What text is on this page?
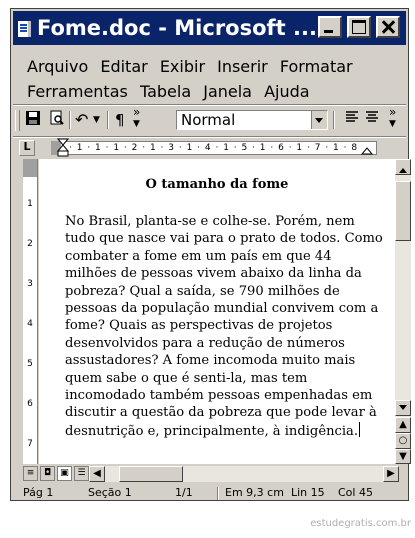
Fome.doc - Microsoft ...
Arquivo Editar Exibir Inserir Formatar
Ferramentas Tabela Janela Ajuda
↶ ▼ ¶ »
▼	Normal	»
▼
L	· 1 · 1 · 1 · 2 · 1 · 3 · 1 · 4 · 1 · 5 · 1 · 6 · 1 · 7 · 1 · 8
1
2
3
4
5
6
7
O tamanho da fome
No Brasil, planta-se e colhe-se. Porém, nem
tudo que nasce vai para o prato de todos. Como
combater a fome em um país em que 44
milhões de pessoas vivem abaixo da linha da
pobreza? Qual a saída, se 790 milhões de
pessoas da população mundial convivem com a
fome? Quais as perspectivas de projetos
desenvolvidos para a redução de números
assustadores? A fome incomoda muito mais
quem sabe o que é senti-la, mas tem
incomodado também pessoas empenhadas em
discutir a questão da pobreza que pode levar à
desnutrição e, principalmente, à indigência.	▲
○
▼
≡	◘	▣ ☰ ◀	▶
Pág 1	Seção 1	1/1	Em 9,3 cm Lin 15 Col 45
estudegratis.com.br
